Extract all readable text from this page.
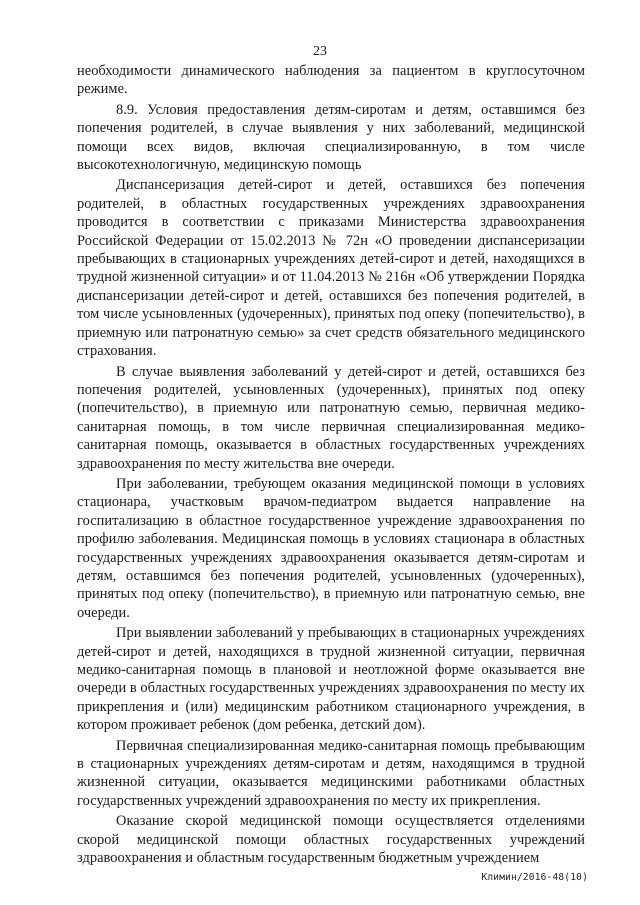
23

необходимости динамического наблюдения за пациентом в круглосуточном режиме.

8.9. Условия предоставления детям-сиротам и детям, оставшимся без попечения родителей, в случае выявления у них заболеваний, медицинской помощи всех видов, включая специализированную, в том числе высокотехнологичную, медицинскую помощь

Диспансеризация детей-сирот и детей, оставшихся без попечения родителей, в областных государственных учреждениях здравоохранения проводится в соответствии с приказами Министерства здравоохранения Российской Федерации от 15.02.2013 № 72н «О проведении диспансеризации пребывающих в стационарных учреждениях детей-сирот и детей, находящихся в трудной жизненной ситуации» и от 11.04.2013 № 216н «Об утверждении Порядка диспансеризации детей-сирот и детей, оставшихся без попечения родителей, в том числе усыновленных (удочеренных), принятых под опеку (попечительство), в приемную или патронатную семью» за счет средств обязательного медицинского страхования.

В случае выявления заболеваний у детей-сирот и детей, оставшихся без попечения родителей, усыновленных (удочеренных), принятых под опеку (попечительство), в приемную или патронатную семью, первичная медико-санитарная помощь, в том числе первичная специализированная медико-санитарная помощь, оказывается в областных государственных учреждениях здравоохранения по месту жительства вне очереди.

При заболевании, требующем оказания медицинской помощи в условиях стационара, участковым врачом-педиатром выдается направление на госпитализацию в областное государственное учреждение здравоохранения по профилю заболевания. Медицинская помощь в условиях стационара в областных государственных учреждениях здравоохранения оказывается детям-сиротам и детям, оставшимся без попечения родителей, усыновленных (удочеренных), принятых под опеку (попечительство), в приемную или патронатную семью, вне очереди.

При выявлении заболеваний у пребывающих в стационарных учреждениях детей-сирот и детей, находящихся в трудной жизненной ситуации, первичная медико-санитарная помощь в плановой и неотложной форме оказывается вне очереди в областных государственных учреждениях здравоохранения по месту их прикрепления и (или) медицинским работником стационарного учреждения, в котором проживает ребенок (дом ребенка, детский дом).

Первичная специализированная медико-санитарная помощь пребывающим в стационарных учреждениях детям-сиротам и детям, находящимся в трудной жизненной ситуации, оказывается медицинскими работниками областных государственных учреждений здравоохранения по месту их прикрепления.

Оказание скорой медицинской помощи осуществляется отделениями скорой медицинской помощи областных государственных учреждений здравоохранения и областным государственным бюджетным учреждением

Климин/2016-48(10)
